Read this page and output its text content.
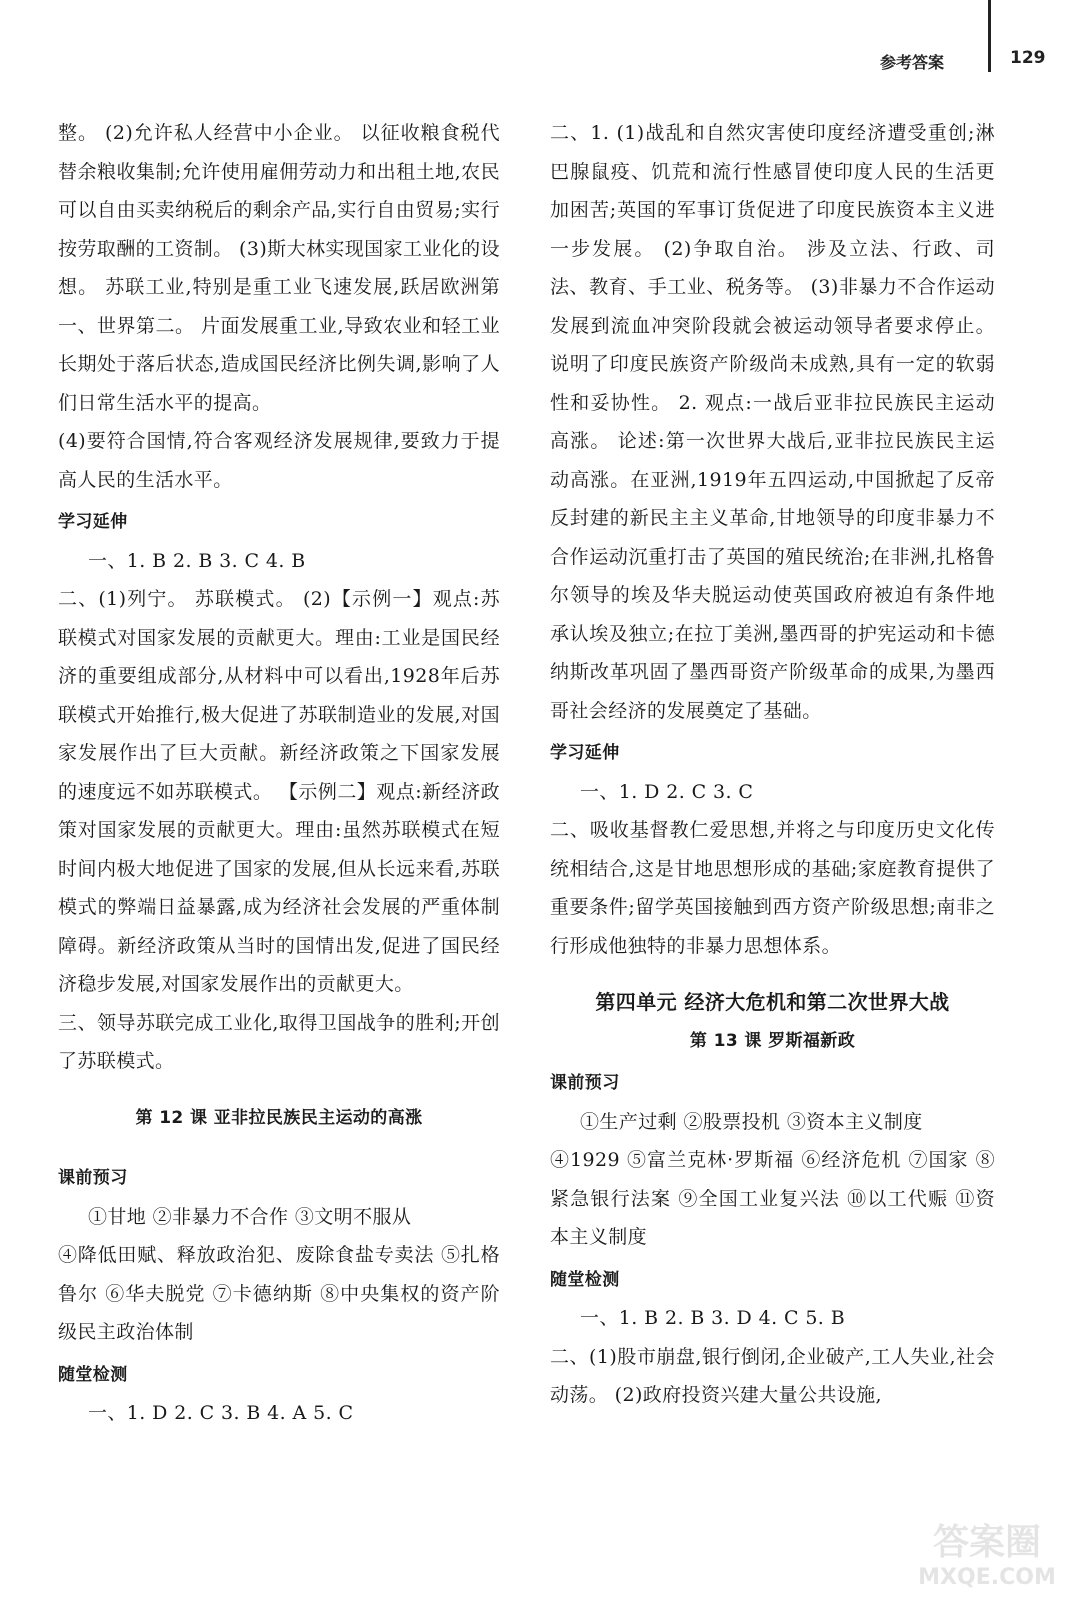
参考答案	129

整。 (2)允许私人经营中小企业。 以征收粮食税代替余粮收集制;允许使用雇佣劳动力和出租土地,农民可以自由买卖纳税后的剩余产品,实行自由贸易;实行按劳取酬的工资制。 (3)斯大林实现国家工业化的设想。 苏联工业,特别是重工业飞速发展,跃居欧洲第一、世界第二。 片面发展重工业,导致农业和轻工业长期处于落后状态,造成国民经济比例失调,影响了人们日常生活水平的提高。

(4)要符合国情,符合客观经济发展规律,要致力于提高人民的生活水平。

学习延伸

一、1. B 2. B 3. C 4. B

二、(1)列宁。 苏联模式。 (2)【示例一】观点:苏联模式对国家发展的贡献更大。理由:工业是国民经济的重要组成部分,从材料中可以看出,1928年后苏联模式开始推行,极大促进了苏联制造业的发展,对国家发展作出了巨大贡献。新经济政策之下国家发展的速度远不如苏联模式。 【示例二】观点:新经济政策对国家发展的贡献更大。理由:虽然苏联模式在短时间内极大地促进了国家的发展,但从长远来看,苏联模式的弊端日益暴露,成为经济社会发展的严重体制障碍。新经济政策从当时的国情出发,促进了国民经济稳步发展,对国家发展作出的贡献更大。

三、领导苏联完成工业化,取得卫国战争的胜利;开创了苏联模式。

第 12 课 亚非拉民族民主运动的高涨

课前预习

①甘地 ②非暴力不合作 ③文明不服从

④降低田赋、释放政治犯、废除食盐专卖法 ⑤扎格鲁尔 ⑥华夫脱党 ⑦卡德纳斯 ⑧中央集权的资产阶级民主政治体制

随堂检测

一、1. D 2. C 3. B 4. A 5. C

二、1. (1)战乱和自然灾害使印度经济遭受重创;淋巴腺鼠疫、饥荒和流行性感冒使印度人民的生活更加困苦;英国的军事订货促进了印度民族资本主义进一步发展。 (2)争取自治。 涉及立法、行政、司法、教育、手工业、税务等。 (3)非暴力不合作运动发展到流血冲突阶段就会被运动领导者要求停止。 说明了印度民族资产阶级尚未成熟,具有一定的软弱性和妥协性。 2. 观点:一战后亚非拉民族民主运动高涨。 论述:第一次世界大战后,亚非拉民族民主运动高涨。在亚洲,1919年五四运动,中国掀起了反帝反封建的新民主主义革命,甘地领导的印度非暴力不合作运动沉重打击了英国的殖民统治;在非洲,扎格鲁尔领导的埃及华夫脱运动使英国政府被迫有条件地承认埃及独立;在拉丁美洲,墨西哥的护宪运动和卡德纳斯改革巩固了墨西哥资产阶级革命的成果,为墨西哥社会经济的发展奠定了基础。

学习延伸

一、1. D 2. C 3. C

二、吸收基督教仁爱思想,并将之与印度历史文化传统相结合,这是甘地思想形成的基础;家庭教育提供了重要条件;留学英国接触到西方资产阶级思想;南非之行形成他独特的非暴力思想体系。

第四单元 经济大危机和第二次世界大战

第 13 课 罗斯福新政

课前预习

①生产过剩 ②股票投机 ③资本主义制度

④1929 ⑤富兰克林·罗斯福 ⑥经济危机 ⑦国家 ⑧紧急银行法案 ⑨全国工业复兴法 ⑩以工代赈 ⑪资本主义制度

随堂检测

一、1. B 2. B 3. D 4. C 5. B

二、(1)股市崩盘,银行倒闭,企业破产,工人失业,社会动荡。 (2)政府投资兴建大量公共设施,

答案圈
MXQE.COM
